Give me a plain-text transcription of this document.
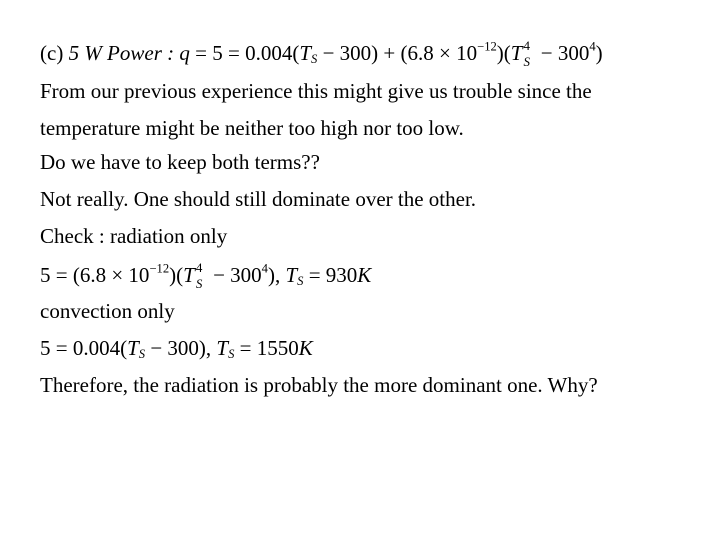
(c) 5 W Power : $q = 5 = 0.004(T_S - 300) + (6.8 \times 10^{-12})(T$ 4
$S - 300^4$)
From our previous experience this might give us trouble since the
temperature might be neither too high nor too low.
Do we have to keep both terms??
Not really. One should still dominate over the other.
Check : radiation only
$5 = (6.8 \times 10^{-12})(T$ 4
$S - 300^4$), $T_S = 930K$
convection only
$5 = 0.004(T_S - 300)$, $T_S = 1550K$
Therefore, the radiation is probably the more dominant one. Why?
